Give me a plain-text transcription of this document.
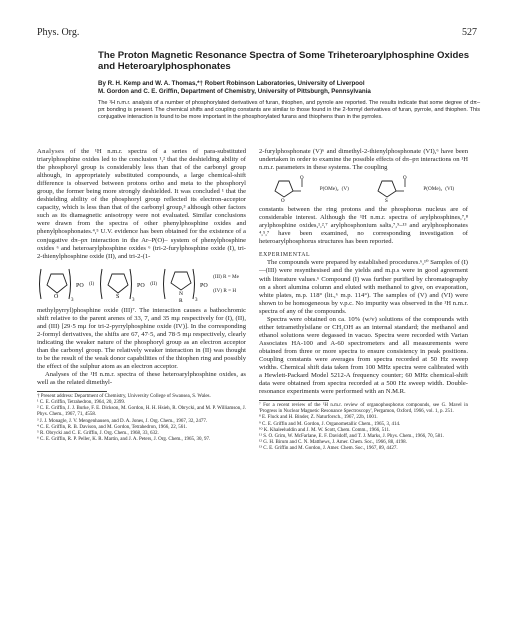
Phys. Org.	527
The Proton Magnetic Resonance Spectra of Some Triheteroarylphosphine Oxides and Heteroarylphosphonates
By R. H. Kemp and W. A. Thomas,*† Robert Robinson Laboratories, University of Liverpool
M. Gordon and C. E. Griffin, Department of Chemistry, University of Pittsburgh, Pennsylvania
The ¹H n.m.r. analysis of a number of phosphorylated derivatives of furan, thiophen, and pyrrole are reported. The results indicate that some degree of dπ–pπ bonding is present. The chemical shifts and coupling constants are similar to those found in the 2-formyl derivatives of furan, pyrrole, and thiophen. This conjugative interaction is found to be more important in the phosphorylated furans and thiophens than in the pyrroles.

Analyses of the ¹H n.m.r. spectra of a series of para-substituted triarylphosphine oxides led to the conclusion ¹,² that the deshielding ability of the phosphoryl group is considerably less than that of the carbonyl group although, in appropriately substituted compounds, a large chemical-shift difference is observed between protons ortho and meta to the phosphoryl group, the former being more strongly deshielded. It was concluded ¹ that the deshielding ability of the phosphoryl group reflected its electron-acceptor capacity, which is less than that of the carbonyl group,³ although other factors such as its diamagnetic anisotropy were not evaluated. Similar conclusions were drawn from the spectra of other phenylphosphine oxides and phenylphosphonates.⁴,⁵ U.V. evidence has been obtained for the existence of a conjugative dπ–pπ interaction in the Ar–P(O)– system of phenylphosphine oxides ⁶ and heteroarylphosphine oxides ⁶ (tri-2-furylphosphine oxide (I), tri-2-thienylphosphine oxide (II), and tri-2-(1-

O
3
PO (I)
S
3
PO (II)
N
R 3
PO
(III) R = Me
(IV) R = H

methylpyrryl)phosphine oxide (III)⁷. The interaction causes a bathochromic shift relative to the parent arenes of 33, 7, and 35 mμ respectively for (I), (II), and (III) [29·5 mμ for tri-2-pyrrylphosphine oxide (IV)]. In the corresponding 2-formyl derivatives, the shifts are 67, 47·5, and 78·5 mμ respectively, clearly indicating the weaker nature of the phosphoryl group as an electron acceptor than the carbonyl group. The relatively weaker interaction in (II) was thought to be the result of the weak donor capabilities of the thiophen ring and possibly the effect of the sulphur atom as an electron acceptor.

Analyses of the ¹H n.m.r. spectra of these heteroarylphosphine oxides, as well as the related dimethyl-

† Present address: Department of Chemistry, University College of Swansea, S. Wales.

¹ C. E. Griffin, Tetrahedron, 1964, 20, 2399.

² C. E. Griffin, J. J. Burke, F. E. Dickson, M. Gordon, H. H. Hsieh, R. Obrycki, and M. P. Williamson, J. Phys. Chem., 1967, 71, 4558.

³ J. J. Monagle, J. V. Mengenhausen, and D. A. Jones, J. Org. Chem., 1967, 32, 2477.

⁴ C. E. Griffin, R. B. Davison, and M. Gordon, Tetrahedron, 1966, 22, 561.

⁵ R. Obrycki and C. E. Griffin, J. Org. Chem., 1968, 33, 632.

⁶ C. E. Griffin, R. P. Peller, K. R. Martin, and J. A. Peters, J. Org. Chem., 1965, 30, 97.

2-furylphosphonate (V)⁶ and dimethyl-2-thienylphosphonate (VI),⁶ have been undertaken in order to examine the possible effects of dπ–pπ interactions on ¹H n.m.r. parameters in these systems. The coupling

O
O
P(OMe)₂ (V)
S
O
P(OMe)₂ (VI)

constants between the ring protons and the phosphorus nucleus are of considerable interest. Although the ¹H n.m.r. spectra of arylphosphines,⁷,⁸ arylphosphine oxides,¹,²,⁷ arylphosphonium salts,⁷,⁹–¹³ and arylphosphonates ⁴,⁵,⁷ have been examined, no corresponding investigation of heteroarylphosphorus structures has been reported.

EXPERIMENTAL

The compounds were prepared by established procedures.⁶,¹⁰ Samples of (I)—(III) were resynthesised and the yields and m.p.s were in good agreement with literature values.⁶ Compound (I) was further purified by chromatography on a short alumina column and eluted with methanol to give, on evaporation, white plates, m.p. 118° (lit.,⁶ m.p. 114°). The samples of (V) and (VI) were shown to be homogeneous by v.p.c. No impurity was observed in the ¹H n.m.r. spectra of any of the compounds.

Spectra were obtained on ca. 10% (w/v) solutions of the compounds with either tetramethylsilane or CH₂OH as an internal standard; the methanol and ethanol solutions were degassed in vacuo. Spectra were recorded with Varian Associates HA-100 and A-60 spectrometers and all measurements were obtained from three or more spectra to ensure consistency in peak positions. Coupling constants were averages from spectra recorded at 50 Hz sweep widths. Chemical shift data taken from 100 MHz spectra were calibrated with a Hewlett-Packard Model 5212-A frequency counter; 60 MHz chemical-shift data were obtained from spectra recorded at a 500 Hz sweep width. Double-resonance experiments were performed with an N.M.R.

⁷ For a recent review of the ¹H n.m.r. review of organophosphorus compounds, see G. Mavel in 'Progress in Nuclear Magnetic Resonance Spectroscopy', Pergamon, Oxford, 1966, vol. 1, p. 251.

⁸ E. Fluck and H. Binder, Z. Naturforsch., 1967, 22b, 1001.

⁹ C. E. Griffin and M. Gordon, J. Organometallic Chem., 1965, 3, 414.

¹⁰ K. Khaleeluddin and J. M. W. Scott, Chem. Comm., 1966, 511.

¹¹ S. O. Grim, W. McFarlane, E. F. Davidoff, and T. J. Marks, J. Phys. Chem., 1966, 70, 581.

¹² G. H. Birum and C. N. Matthews, J. Amer. Chem. Soc., 1966, 88, 4198.

¹³ C. E. Griffin and M. Gordon, J. Amer. Chem. Soc., 1967, 89, 4427.
